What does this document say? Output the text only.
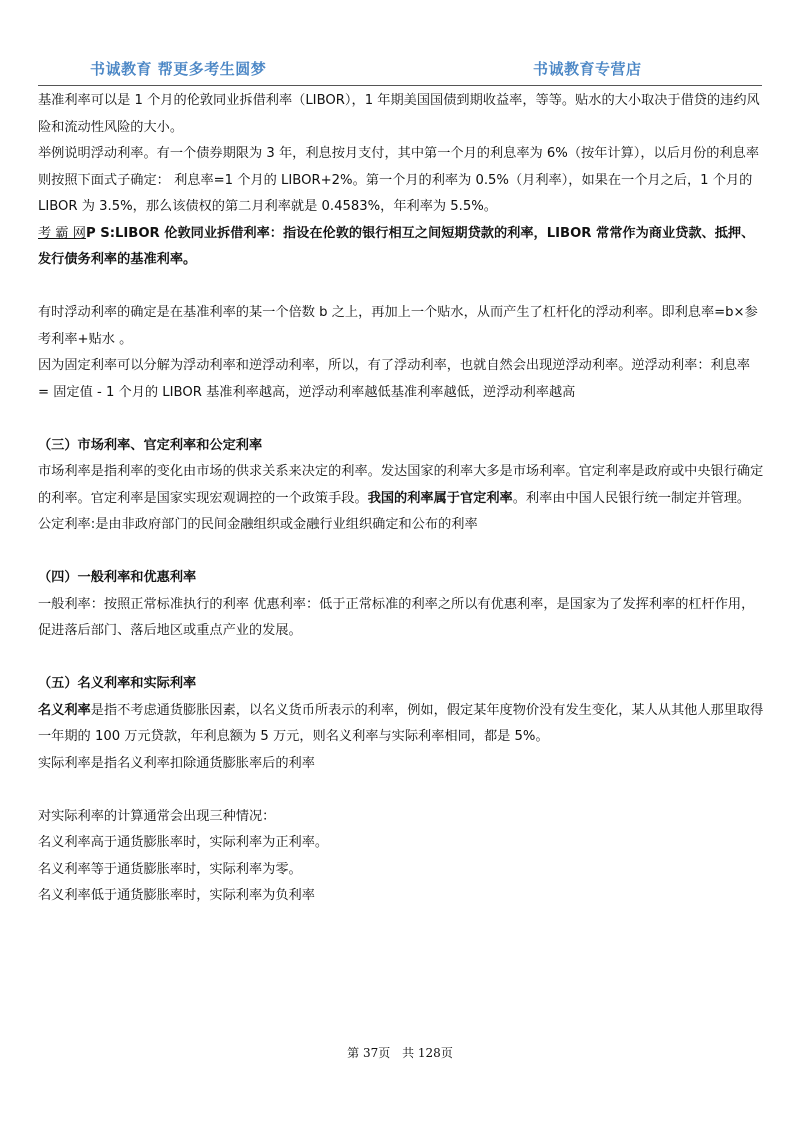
书诚教育 帮更多考生圆梦	书诚教育专营店

基准利率可以是 1 个月的伦敦同业拆借利率（LIBOR），1 年期美国国债到期收益率，等等。贴水的大小取决于借贷的违约风险和流动性风险的大小。

举例说明浮动利率。有一个债券期限为 3 年，利息按月支付，其中第一个月的利息率为 6%（按年计算），以后月份的利息率则按照下面式子确定： 利息率=1 个月的 LIBOR+2%。第一个月的利率为 0.5%（月利率），如果在一个月之后，1 个月的 LIBOR 为 3.5%，那么该债权的第二月利率就是 0.4583%，年利率为 5.5%。

考 霸 网P S:LIBOR 伦敦同业拆借利率：指设在伦敦的银行相互之间短期贷款的利率，LIBOR 常常作为商业贷款、抵押、发行债务利率的基准利率。

有时浮动利率的确定是在基准利率的某一个倍数 b 之上，再加上一个贴水，从而产生了杠杆化的浮动利率。即利息率=b×参考利率+贴水 。

因为固定利率可以分解为浮动利率和逆浮动利率，所以，有了浮动利率，也就自然会出现逆浮动利率。逆浮动利率：利息率 = 固定值 - 1 个月的 LIBOR 基准利率越高，逆浮动利率越低基准利率越低，逆浮动利率越高

（三）市场利率、官定利率和公定利率

市场利率是指利率的变化由市场的供求关系来决定的利率。发达国家的利率大多是市场利率。官定利率是政府或中央银行确定的利率。官定利率是国家实现宏观调控的一个政策手段。我国的利率属于官定利率。利率由中国人民银行统一制定并管理。

公定利率:是由非政府部门的民间金融组织或金融行业组织确定和公布的利率

（四）一般利率和优惠利率

一般利率：按照正常标准执行的利率 优惠利率：低于正常标准的利率之所以有优惠利率，是国家为了发挥利率的杠杆作用，促进落后部门、落后地区或重点产业的发展。

（五）名义利率和实际利率

名义利率是指不考虑通货膨胀因素，以名义货币所表示的利率，例如，假定某年度物价没有发生变化，某人从其他人那里取得一年期的 100 万元贷款，年利息额为 5 万元，则名义利率与实际利率相同，都是 5%。

实际利率是指名义利率扣除通货膨胀率后的利率

对实际利率的计算通常会出现三种情况：

名义利率高于通货膨胀率时，实际利率为正利率。

名义利率等于通货膨胀率时，实际利率为零。

名义利率低于通货膨胀率时，实际利率为负利率

第 37页 共 128页
